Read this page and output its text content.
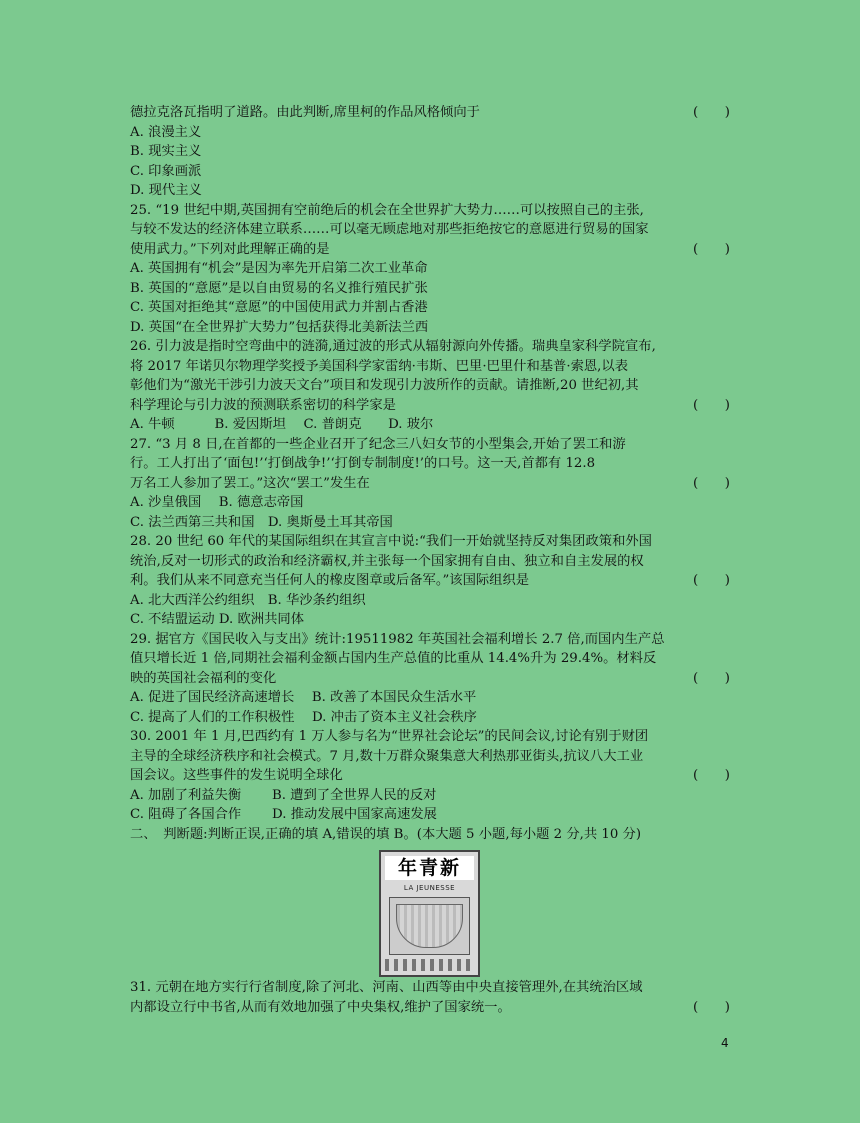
德拉克洛瓦指明了道路。由此判断,席里柯的作品风格倾向于	(　　)
A. 浪漫主义
B. 现实主义
C. 印象画派
D. 现代主义
25. “19 世纪中期,英国拥有空前绝后的机会在全世界扩大势力……可以按照自己的主张,
与较不发达的经济体建立联系……可以毫无顾虑地对那些拒绝按它的意愿进行贸易的国家
使用武力。”下列对此理解正确的是	(　　)
A. 英国拥有“机会”是因为率先开启第二次工业革命
B. 英国的“意愿”是以自由贸易的名义推行殖民扩张
C. 英国对拒绝其“意愿”的中国使用武力并割占香港
D. 英国“在全世界扩大势力”包括获得北美新法兰西
26. 引力波是指时空弯曲中的涟漪,通过波的形式从辐射源向外传播。瑞典皇家科学院宣布,
将 2017 年诺贝尔物理学奖授予美国科学家雷纳·韦斯、巴里·巴里什和基普·索恩,以表
彰他们为“激光干涉引力波天文台”项目和发现引力波所作的贡献。请推断,20 世纪初,其
科学理论与引力波的预测联系密切的科学家是	(　　)
A. 牛顿　　　B. 爱因斯坦　 C. 普朗克　　D. 玻尔
27. “3 月 8 日,在首都的一些企业召开了纪念三八妇女节的小型集会,开始了罢工和游
行。工人打出了‘面包!’‘打倒战争!’‘打倒专制制度!’的口号。这一天,首都有 12.8
万名工人参加了罢工。”这次“罢工”发生在	(　　)
A. 沙皇俄国　 B. 德意志帝国
C. 法兰西第三共和国　D. 奥斯曼土耳其帝国
28. 20 世纪 60 年代的某国际组织在其宣言中说:“我们一开始就坚持反对集团政策和外国
统治,反对一切形式的政治和经济霸权,并主张每一个国家拥有自由、独立和自主发展的权
利。我们从来不同意充当任何人的橡皮图章或后备军。”该国际组织是	(　　)
A. 北大西洋公约组织　B. 华沙条约组织
C. 不结盟运动 D. 欧洲共同体
29. 据官方《国民收入与支出》统计:19511982 年英国社会福利增长 2.7 倍,而国内生产总
值只增长近 1 倍,同期社会福利金额占国内生产总值的比重从 14.4%升为 29.4%。材料反
映的英国社会福利的变化	(　　)
A. 促进了国民经济高速增长　 B. 改善了本国民众生活水平
C. 提高了人们的工作积极性　 D. 冲击了资本主义社会秩序
30. 2001 年 1 月,巴西约有 1 万人参与名为“世界社会论坛”的民间会议,讨论有别于财团
主导的全球经济秩序和社会模式。7 月,数十万群众聚集意大利热那亚街头,抗议八大工业
国会议。这些事件的发生说明全球化	(　　)
A. 加剧了利益失衡　　 B. 遭到了全世界人民的反对
C. 阻碍了各国合作　　 D. 推动发展中国家高速发展
二、　判断题:判断正误,正确的填 A,错误的填 B。(本大题 5 小题,每小题 2 分,共 10 分)
年青新
LA JEUNESSE
31. 元朝在地方实行行省制度,除了河北、河南、山西等由中央直接管理外,在其统治区域
内都设立行中书省,从而有效地加强了中央集权,维护了国家统一。	(　　)
4
